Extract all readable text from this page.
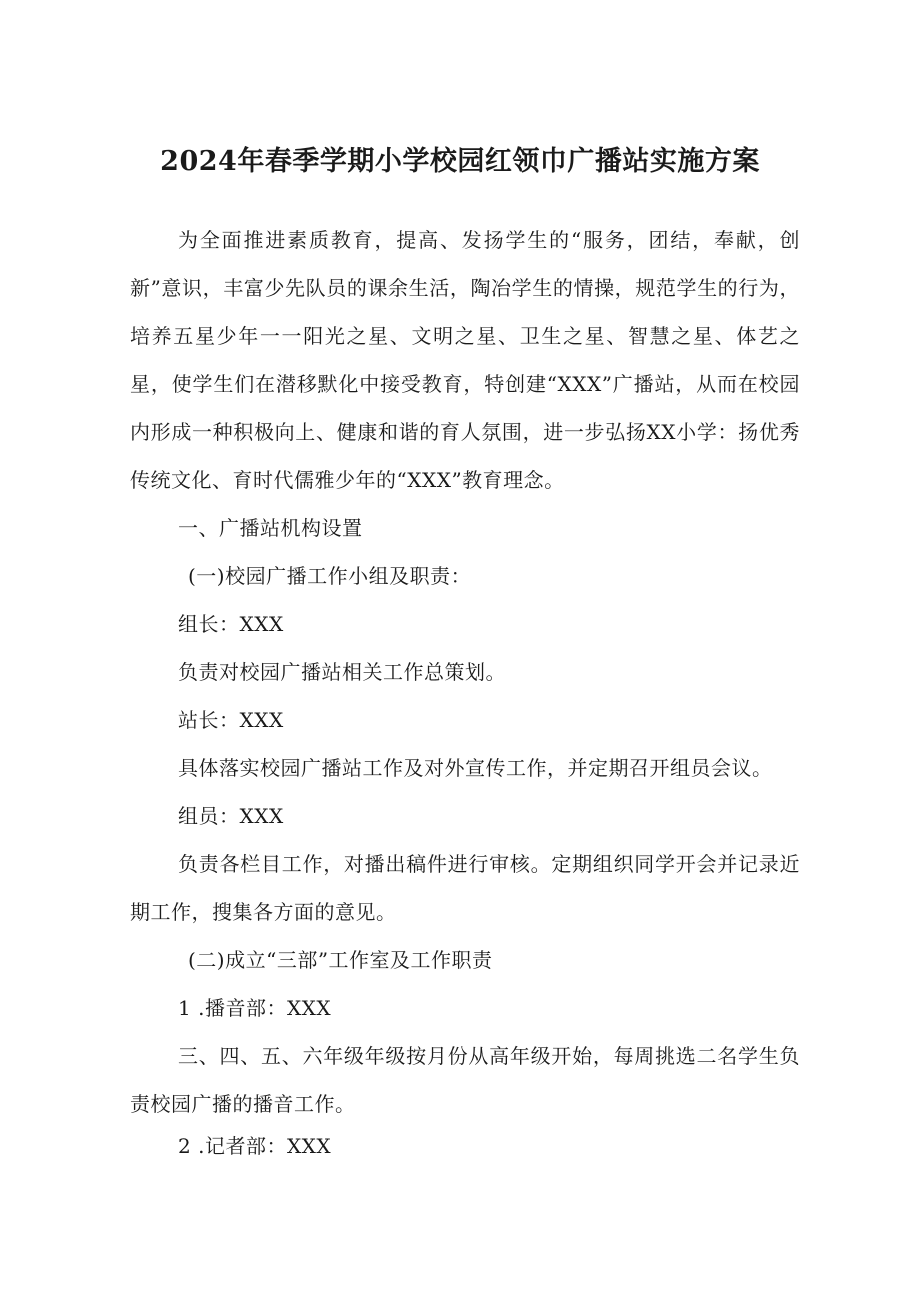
2024年春季学期小学校园红领巾广播站实施方案

为全面推进素质教育，提高、发扬学生的“服务，团结，奉献，创新”意识，丰富少先队员的课余生活，陶冶学生的情操，规范学生的行为，培养五星少年一一阳光之星、文明之星、卫生之星、智慧之星、体艺之星，使学生们在潜移默化中接受教育，特创建“XXX”广播站，从而在校园内形成一种积极向上、健康和谐的育人氛围，进一步弘扬XX小学：扬优秀传统文化、育时代儒雅少年的“XXX”教育理念。

一、广播站机构设置

(一)校园广播工作小组及职责：

组长：XXX

负责对校园广播站相关工作总策划。

站长：XXX

具体落实校园广播站工作及对外宣传工作，并定期召开组员会议。

组员：XXX

负责各栏目工作，对播出稿件进行审核。定期组织同学开会并记录近期工作，搜集各方面的意见。

(二)成立“三部”工作室及工作职责

1 .播音部：XXX

三、四、五、六年级年级按月份从高年级开始，每周挑选二名学生负责校园广播的播音工作。

2 .记者部：XXX
